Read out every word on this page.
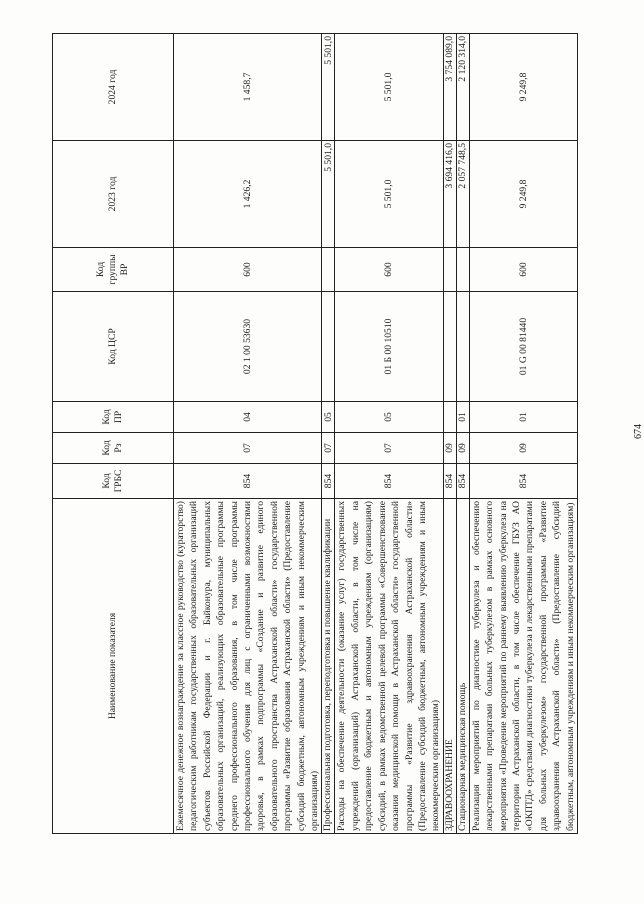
674
Наименование показателя	Код ГРБС	Код Рз	Код ПР	Код ЦСР	Код группы ВР	2023 год	2024 год
Ежемесячное денежное вознаграждение за классное руководство (кураторство) педагогическим работникам государственных образовательных организаций субъектов Российской Федерации и г. Байконура, муниципальных образовательных организаций, реализующих образовательные программы среднего профессионального образования, в том числе программы профессионального обучения для лиц с ограниченными возможностями здоровья, в рамках подпрограммы «Создание и развитие единого образовательного пространства Астраханской области» государственной программы «Развитие образования Астраханской области» (Предоставление субсидий бюджетным, автономным учреждениям и иным некоммерческим организациям)	854	07	04	02 1 00 53630	600	1 426,2	1 458,7
Профессиональная подготовка, переподготовка и повышение квалификации	854	07	05			5 501,0	5 501,0
Расходы на обеспечение деятельности (оказание услуг) государственных учреждений (организаций) Астраханской области, в том числе на предоставление бюджетным и автономным учреждениям (организациям) субсидий, в рамках ведомственной целевой программы «Совершенствование оказания медицинской помощи в Астраханской области» государственной программы «Развитие здравоохранения Астраханской области» (Предоставление субсидий бюджетным, автономным учреждениям и иным некоммерческим организациям)	854	07	05	01 Б 00 10510	600	5 501,0	5 501,0
ЗДРАВООХРАНЕНИЕ	854	09				3 694 416,0	3 754 089,0
Стационарная медицинская помощь	854	09	01			2 057 748,5	2 120 314,0
Реализация мероприятий по диагностике туберкулеза и обеспечению лекарственными препаратами больных туберкулезом в рамках основного мероприятия «Проведение мероприятий по раннему выявлению туберкулеза на территории Астраханской области, в том числе обеспечение ГБУЗ АО «ОКПТД» средствами диагностики туберкулеза и лекарственными препаратами для больных туберкулезом» государственной программы «Развитие здравоохранения Астраханской области» (Предоставление субсидий бюджетным, автономным учреждениям и иным некоммерческим организациям)	854	09	01	01 G 00 81440	600	9 249,8	9 249,8
